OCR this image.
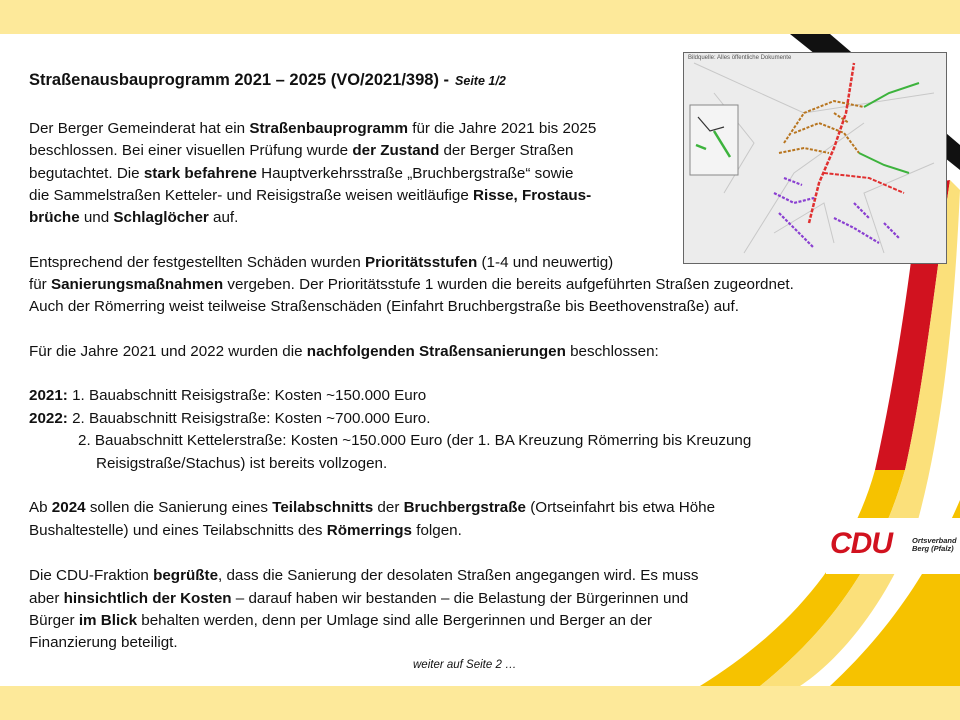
Straßenausbauprogramm 2021 – 2025 (VO/2021/398) - Seite 1/2
Bildquelle: Alles öffentliche Dokumente
Der Berger Gemeinderat hat ein Straßenbauprogramm für die Jahre 2021 bis 2025
beschlossen. Bei einer visuellen Prüfung wurde der Zustand der Berger Straßen
begutachtet. Die stark befahrene Hauptverkehrsstraße „Bruchbergstraße“ sowie
die Sammelstraßen Ketteler- und Reisigstraße weisen weitläufige Risse, Frostaus-
brüche und Schlaglöcher auf.
Entsprechend der festgestellten Schäden wurden Prioritätsstufen (1-4 und neuwertig)
für Sanierungsmaßnahmen vergeben. Der Prioritätsstufe 1 wurden die bereits aufgeführten Straßen zugeordnet.
Auch der Römerring weist teilweise Straßenschäden (Einfahrt Bruchbergstraße bis Beethovenstraße) auf.
Für die Jahre 2021 und 2022 wurden die nachfolgenden Straßensanierungen beschlossen:
2021: 1. Bauabschnitt Reisigstraße: Kosten ~150.000 Euro
2022: 2. Bauabschnitt Reisigstraße: Kosten ~700.000 Euro.
2. Bauabschnitt Kettelerstraße: Kosten ~150.000 Euro (der 1. BA Kreuzung Römerring bis Kreuzung
Reisigstraße/Stachus) ist bereits vollzogen.
Ab 2024 sollen die Sanierung eines Teilabschnitts der Bruchbergstraße (Ortseinfahrt bis etwa Höhe
Bushaltestelle) und eines Teilabschnitts des Römerrings folgen.
Die CDU-Fraktion begrüßte, dass die Sanierung der desolaten Straßen angegangen wird. Es muss
aber hinsichtlich der Kosten – darauf haben wir bestanden – die Belastung der Bürgerinnen und
Bürger im Blick behalten werden, denn per Umlage sind alle Bergerinnen und Berger an der
Finanzierung beteiligt.
CDU	Ortsverband
Berg (Pfalz)
weiter auf Seite 2 …
